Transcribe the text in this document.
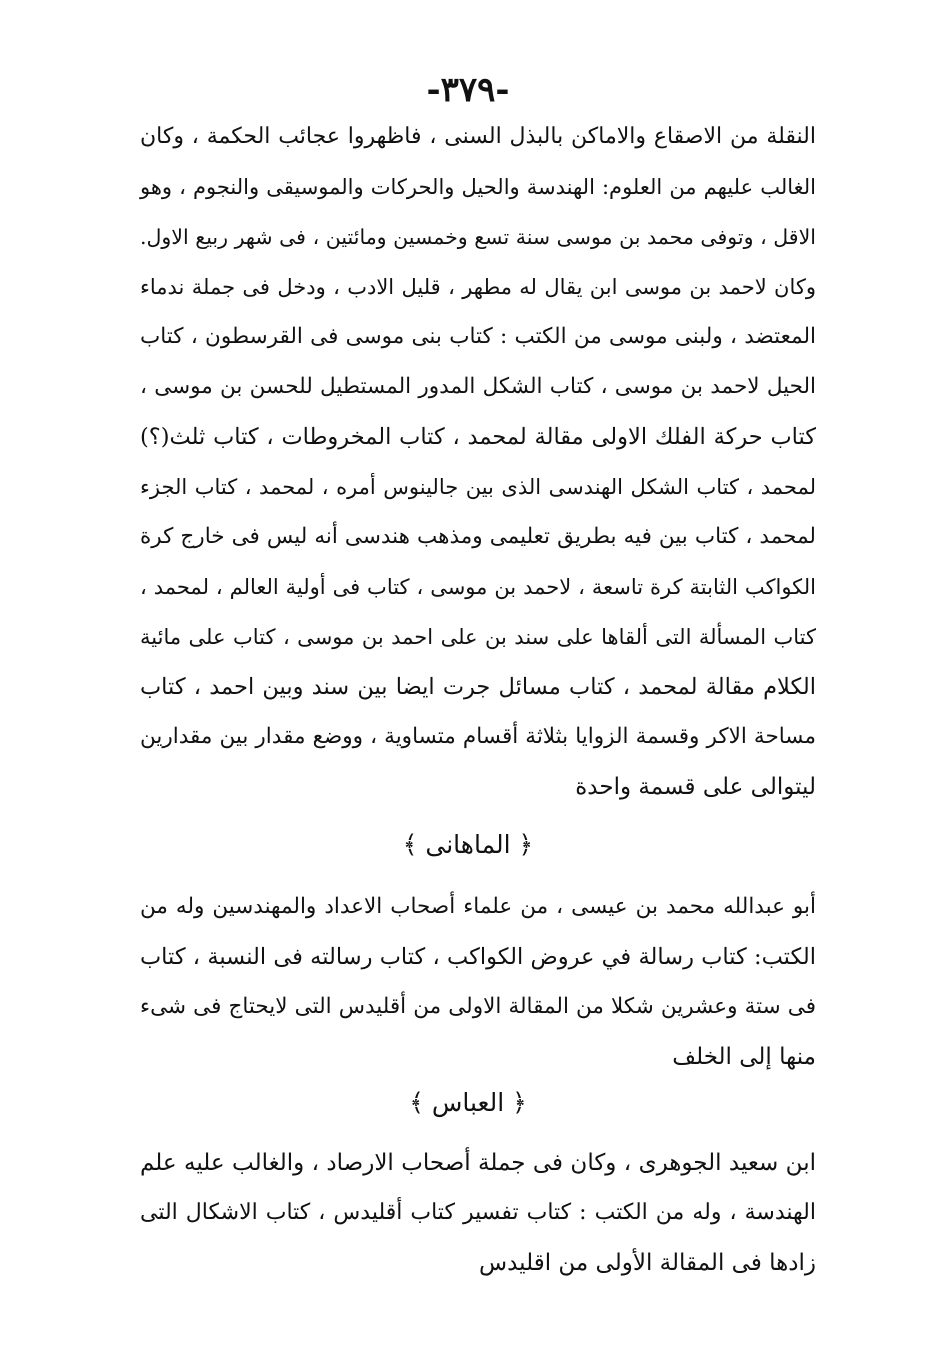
-٣٧٩-
النقلة من الاصقاع والاماكن بالبذل السنى ، فاظهروا عجائب الحكمة ، وكان
الغالب عليهم من العلوم: الهندسة والحيل والحركات والموسيقى والنجوم ، وهو
الاقل ، وتوفى محمد بن موسى سنة تسع وخمسين ومائتين ، فى شهر ربيع الاول.
وكان لاحمد بن موسى ابن يقال له مطهر ، قليل الادب ، ودخل فى جملة ندماء
المعتضد ، ولبنى موسى من الكتب : كتاب بنى موسى فى القرسطون ، كتاب
الحيل لاحمد بن موسى ، كتاب الشكل المدور المستطيل للحسن بن موسى ،
كتاب حركة الفلك الاولى مقالة لمحمد ، كتاب المخروطات ، كتاب ثلث(؟)
لمحمد ، كتاب الشكل الهندسى الذى بين جالينوس أمره ، لمحمد ، كتاب الجزء
لمحمد ، كتاب بين فيه بطريق تعليمى ومذهب هندسى أنه ليس فى خارج كرة
الكواكب الثابتة كرة تاسعة ، لاحمد بن موسى ، كتاب فى أولية العالم ، لمحمد ،
كتاب المسألة التى ألقاها على سند بن على احمد بن موسى ، كتاب على مائية
الكلام مقالة لمحمد ، كتاب مسائل جرت ايضا بين سند وبين احمد ، كتاب
مساحة الاكر وقسمة الزوايا بثلاثة أقسام متساوية ، ووضع مقدار بين مقدارين
ليتوالى على قسمة واحدة
﴿ الماهانى ﴾
أبو عبدالله محمد بن عيسى ، من علماء أصحاب الاعداد والمهندسين وله من
الكتب: كتاب رسالة في عروض الكواكب ، كتاب رسالته فى النسبة ، كتاب
فى ستة وعشرين شكلا من المقالة الاولى من أقليدس التى لايحتاج فى شىء
منها إلى الخلف
﴿ العباس ﴾
ابن سعيد الجوهرى ، وكان فى جملة أصحاب الارصاد ، والغالب عليه علم
الهندسة ، وله من الكتب : كتاب تفسير كتاب أقليدس ، كتاب الاشكال التى
زادها فى المقالة الأولى من اقليدس
